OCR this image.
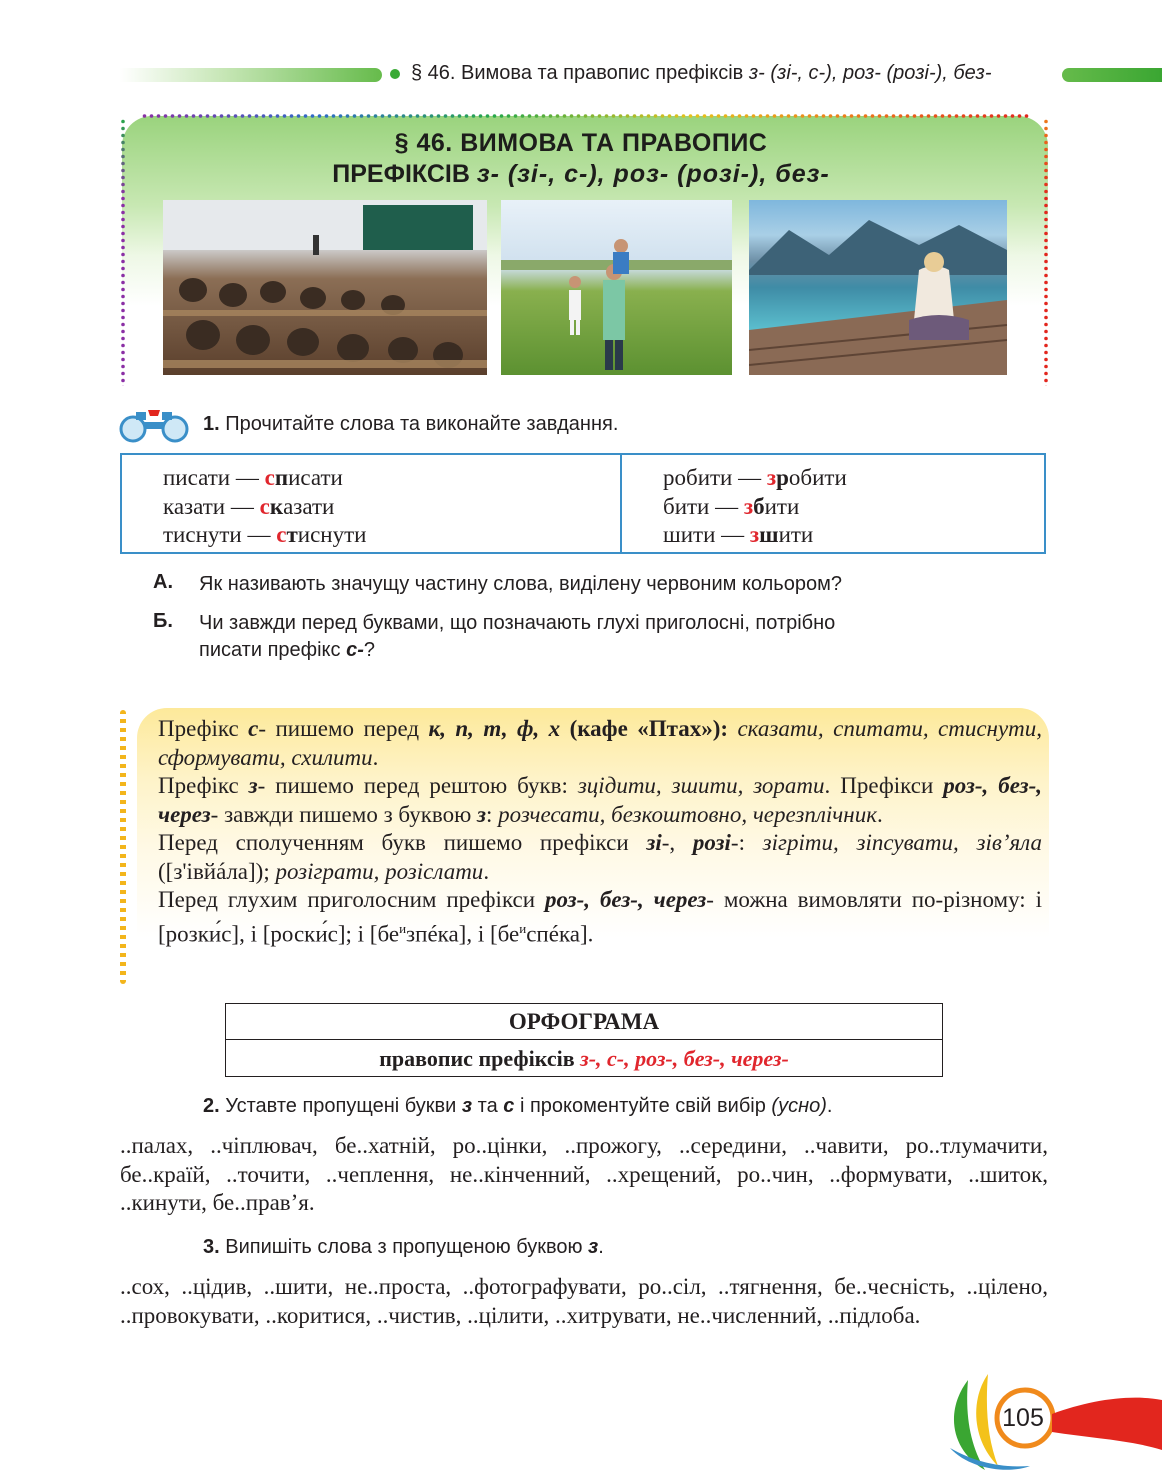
§ 46. Вимова та правопис префіксів з- (зі-, с-), роз- (розі-), без-
§ 46. ВИМОВА ТА ПРАВОПИС
ПРЕФІКСІВ з- (зі-, с-), роз- (розі-), без-
1. Прочитайте слова та виконайте завдання.
писати — списати
казати — сказати
тиснути — стиснути
робити — зробити
бити — збити
шити — зшити
А. Як називають значущу частину слова, виділену червоним кольором?
Б. Чи завжди перед буквами, що позначають глухі приголосні, потрібно
писати префікс с-?

Префікс с- пишемо перед к, п, т, ф, х (кафе «Птах»): сказати, спитати, стиснути, сформувати, схилити.

Префікс з- пишемо перед рештою букв: зцідити, зшити, зорати. Префікси роз-, без-, через- завжди пишемо з буквою з: розчесати, безкоштовно, черезплічник.

Перед сполученням букв пишемо префікси зі-, розі-: зігріти, зіпсувати, зів’яла ([з'івйáла]); розіграти, розіслати.

Перед глухим приголосним префікси роз-, без-, через- можна вимовляти по-різному: і [розки́с], і [роски́с]; і $[бе^изпéка]$, і $[бе^испéка]$.

ОРФОГРАМА
правопис префіксів з-, с-, роз-, без-, через-
2. Уставте пропущені букви з та с і прокоментуйте свій вибір (усно).
..палах, ..чіплювач, бе..хатній, ро..цінки, ..прожогу, ..середини, ..чавити, ро..тлумачити, бе..країй, ..точити, ..чеплення, не..кінченний, ..хрещений, ро..чин, ..формувати, ..шиток, ..кинути, бе..прав’я.
3. Випишіть слова з пропущеною буквою з.
..сох, ..цідив, ..шити, не..проста, ..фотографувати, ро..сіл, ..тягнення, бе..чесність, ..цілено, ..провокувати, ..коритися, ..чистив, ..цілити, ..хитрувати, не..численний, ..підлоба.
105
